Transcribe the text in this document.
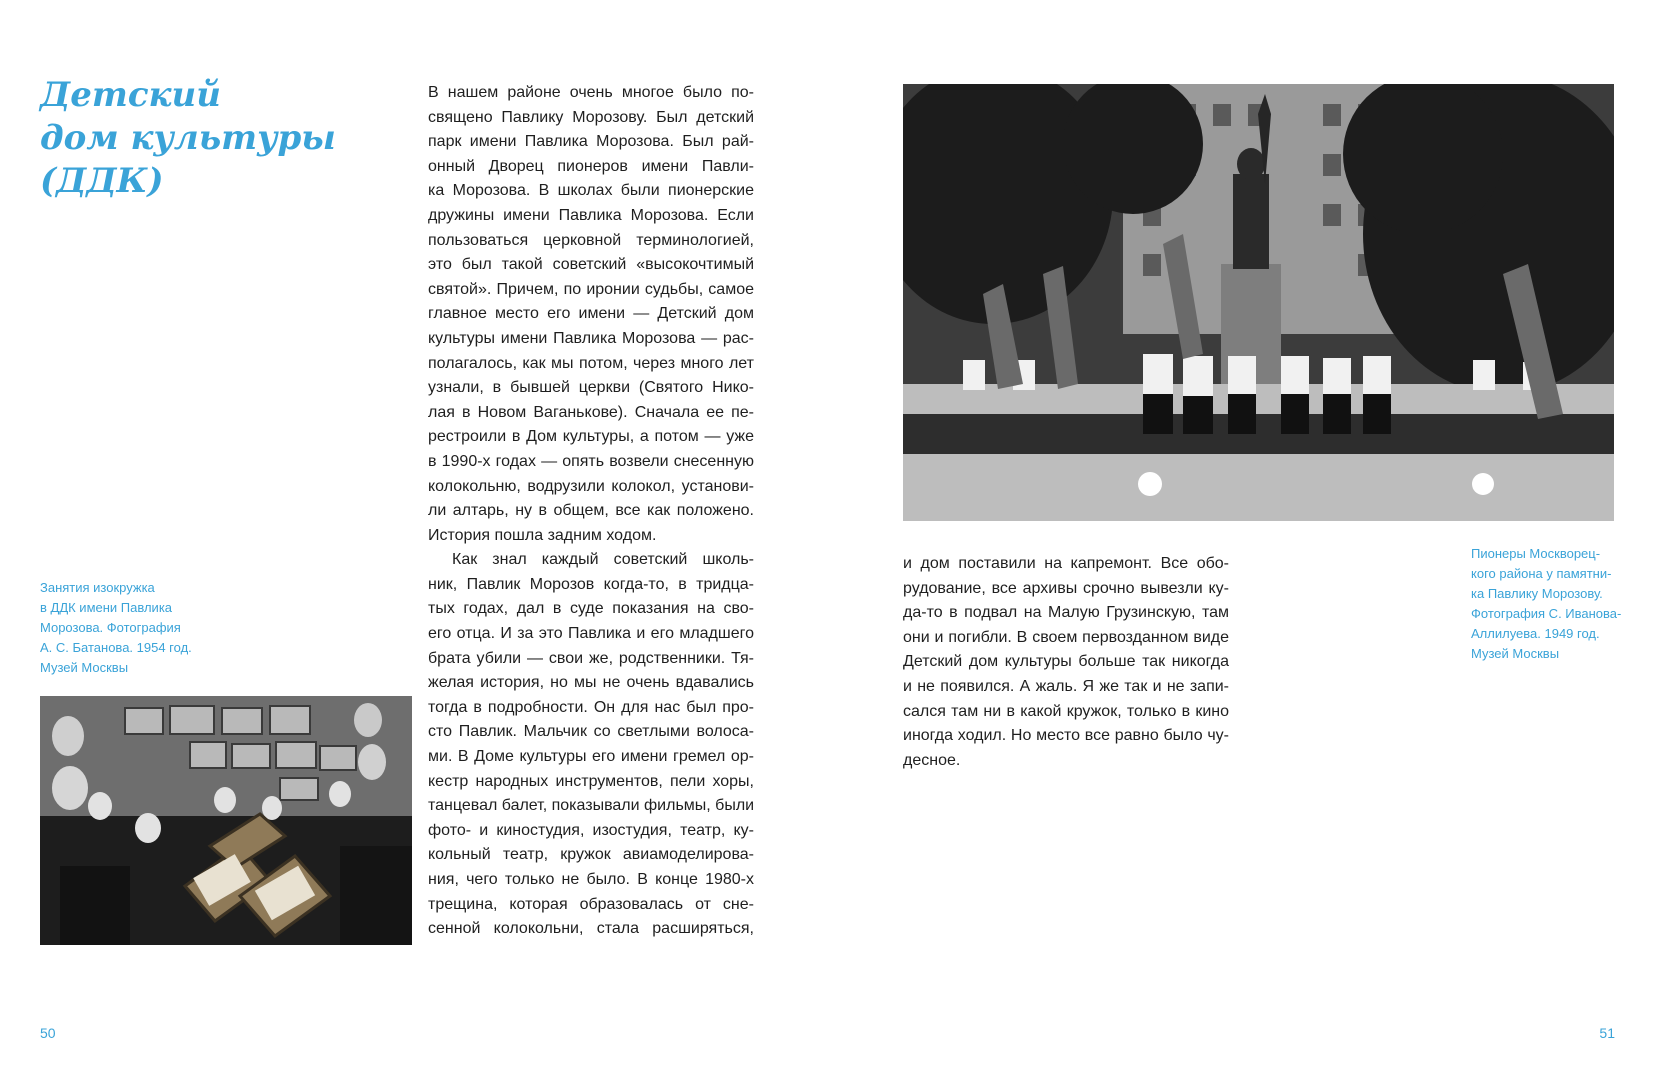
Детский
дом культуры
(ДДК)
Занятия изокружка
в ДДК имени Павлика
Морозова. Фотография
А. С. Батанова. 1954 год.
Музей Москвы
В нашем районе очень многое было по-
священо Павлику Морозову. Был детский
парк имени Павлика Морозова. Был рай-
онный Дворец пионеров имени Павли-
ка Морозова. В школах были пионерские
дружины имени Павлика Морозова. Если
пользоваться церковной терминологией,
это был такой советский «высокочтимый
святой». Причем, по иронии судьбы, самое
главное место его имени — Детский дом
культуры имени Павлика Морозова — рас-
полагалось, как мы потом, через много лет
узнали, в бывшей церкви (Святого Нико-
лая в Новом Ваганькове). Сначала ее пе-
рестроили в Дом культуры, а потом — уже
в 1990-х годах — опять возвели снесенную
колокольню, водрузили колокол, установи-
ли алтарь, ну в общем, все как положено.
История пошла задним ходом.
Как знал каждый советский школь-
ник, Павлик Морозов когда-то, в тридца-
тых годах, дал в суде показания на сво-
его отца. И за это Павлика и его младшего
брата убили — свои же, родственники. Тя-
желая история, но мы не очень вдавались
тогда в подробности. Он для нас был про-
сто Павлик. Мальчик со светлыми волоса-
ми. В Доме культуры его имени гремел ор-
кестр народных инструментов, пели хоры,
танцевал балет, показывали фильмы, были
фото- и киностудия, изостудия, театр, ку-
кольный театр, кружок авиамоделирова-
ния, чего только не было. В конце 1980-х
трещина, которая образовалась от сне-
сенной колокольни, стала расширяться,
Пионеры Москворец-
кого района у памятни-
ка Павлику Морозову.
Фотография С. Иванова-
Аллилуева. 1949 год.
Музей Москвы
и дом поставили на капремонт. Все обо-
рудование, все архивы срочно вывезли ку-
да-то в подвал на Малую Грузинскую, там
они и погибли. В своем первозданном виде
Детский дом культуры больше так никогда
и не появился. А жаль. Я же так и не запи-
сался там ни в какой кружок, только в кино
иногда ходил. Но место все равно было чу-
десное.
50	51
